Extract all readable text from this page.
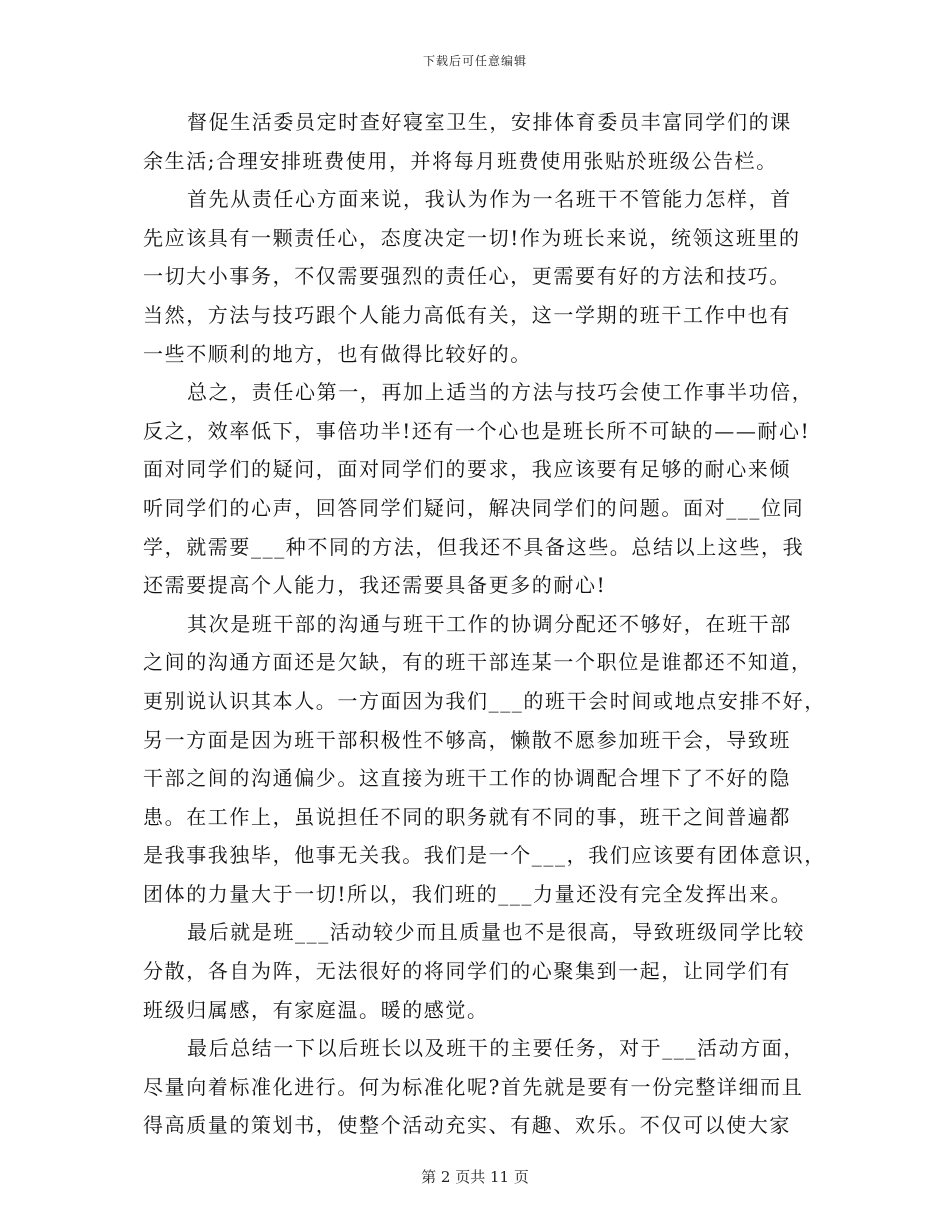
下载后可任意编辑
督促生活委员定时查好寝室卫生，安排体育委员丰富同学们的课
余生活;合理安排班费使用，并将每月班费使用张贴於班级公告栏。
首先从责任心方面来说，我认为作为一名班干不管能力怎样，首
先应该具有一颗责任心，态度决定一切!作为班长来说，统领这班里的
一切大小事务，不仅需要强烈的责任心，更需要有好的方法和技巧。
当然，方法与技巧跟个人能力高低有关，这一学期的班干工作中也有
一些不顺利的地方，也有做得比较好的。
总之，责任心第一，再加上适当的方法与技巧会使工作事半功倍，
反之，效率低下，事倍功半!还有一个心也是班长所不可缺的——耐心!
面对同学们的疑问，面对同学们的要求，我应该要有足够的耐心来倾
听同学们的心声，回答同学们疑问，解决同学们的问题。面对___位同
学，就需要___种不同的方法，但我还不具备这些。总结以上这些，我
还需要提高个人能力，我还需要具备更多的耐心!
其次是班干部的沟通与班干工作的协调分配还不够好，在班干部
之间的沟通方面还是欠缺，有的班干部连某一个职位是谁都还不知道，
更别说认识其本人。一方面因为我们___的班干会时间或地点安排不好，
另一方面是因为班干部积极性不够高，懒散不愿参加班干会，导致班
干部之间的沟通偏少。这直接为班干工作的协调配合埋下了不好的隐
患。在工作上，虽说担任不同的职务就有不同的事，班干之间普遍都
是我事我独毕，他事无关我。我们是一个___，我们应该要有团体意识，
团体的力量大于一切!所以，我们班的___力量还没有完全发挥出来。
最后就是班___活动较少而且质量也不是很高，导致班级同学比较
分散，各自为阵，无法很好的将同学们的心聚集到一起，让同学们有
班级归属感，有家庭温。暖的感觉。
最后总结一下以后班长以及班干的主要任务，对于___活动方面，
尽量向着标准化进行。何为标准化呢?首先就是要有一份完整详细而且
得高质量的策划书，使整个活动充实、有趣、欢乐。不仅可以使大家
第 2 页共 11 页
